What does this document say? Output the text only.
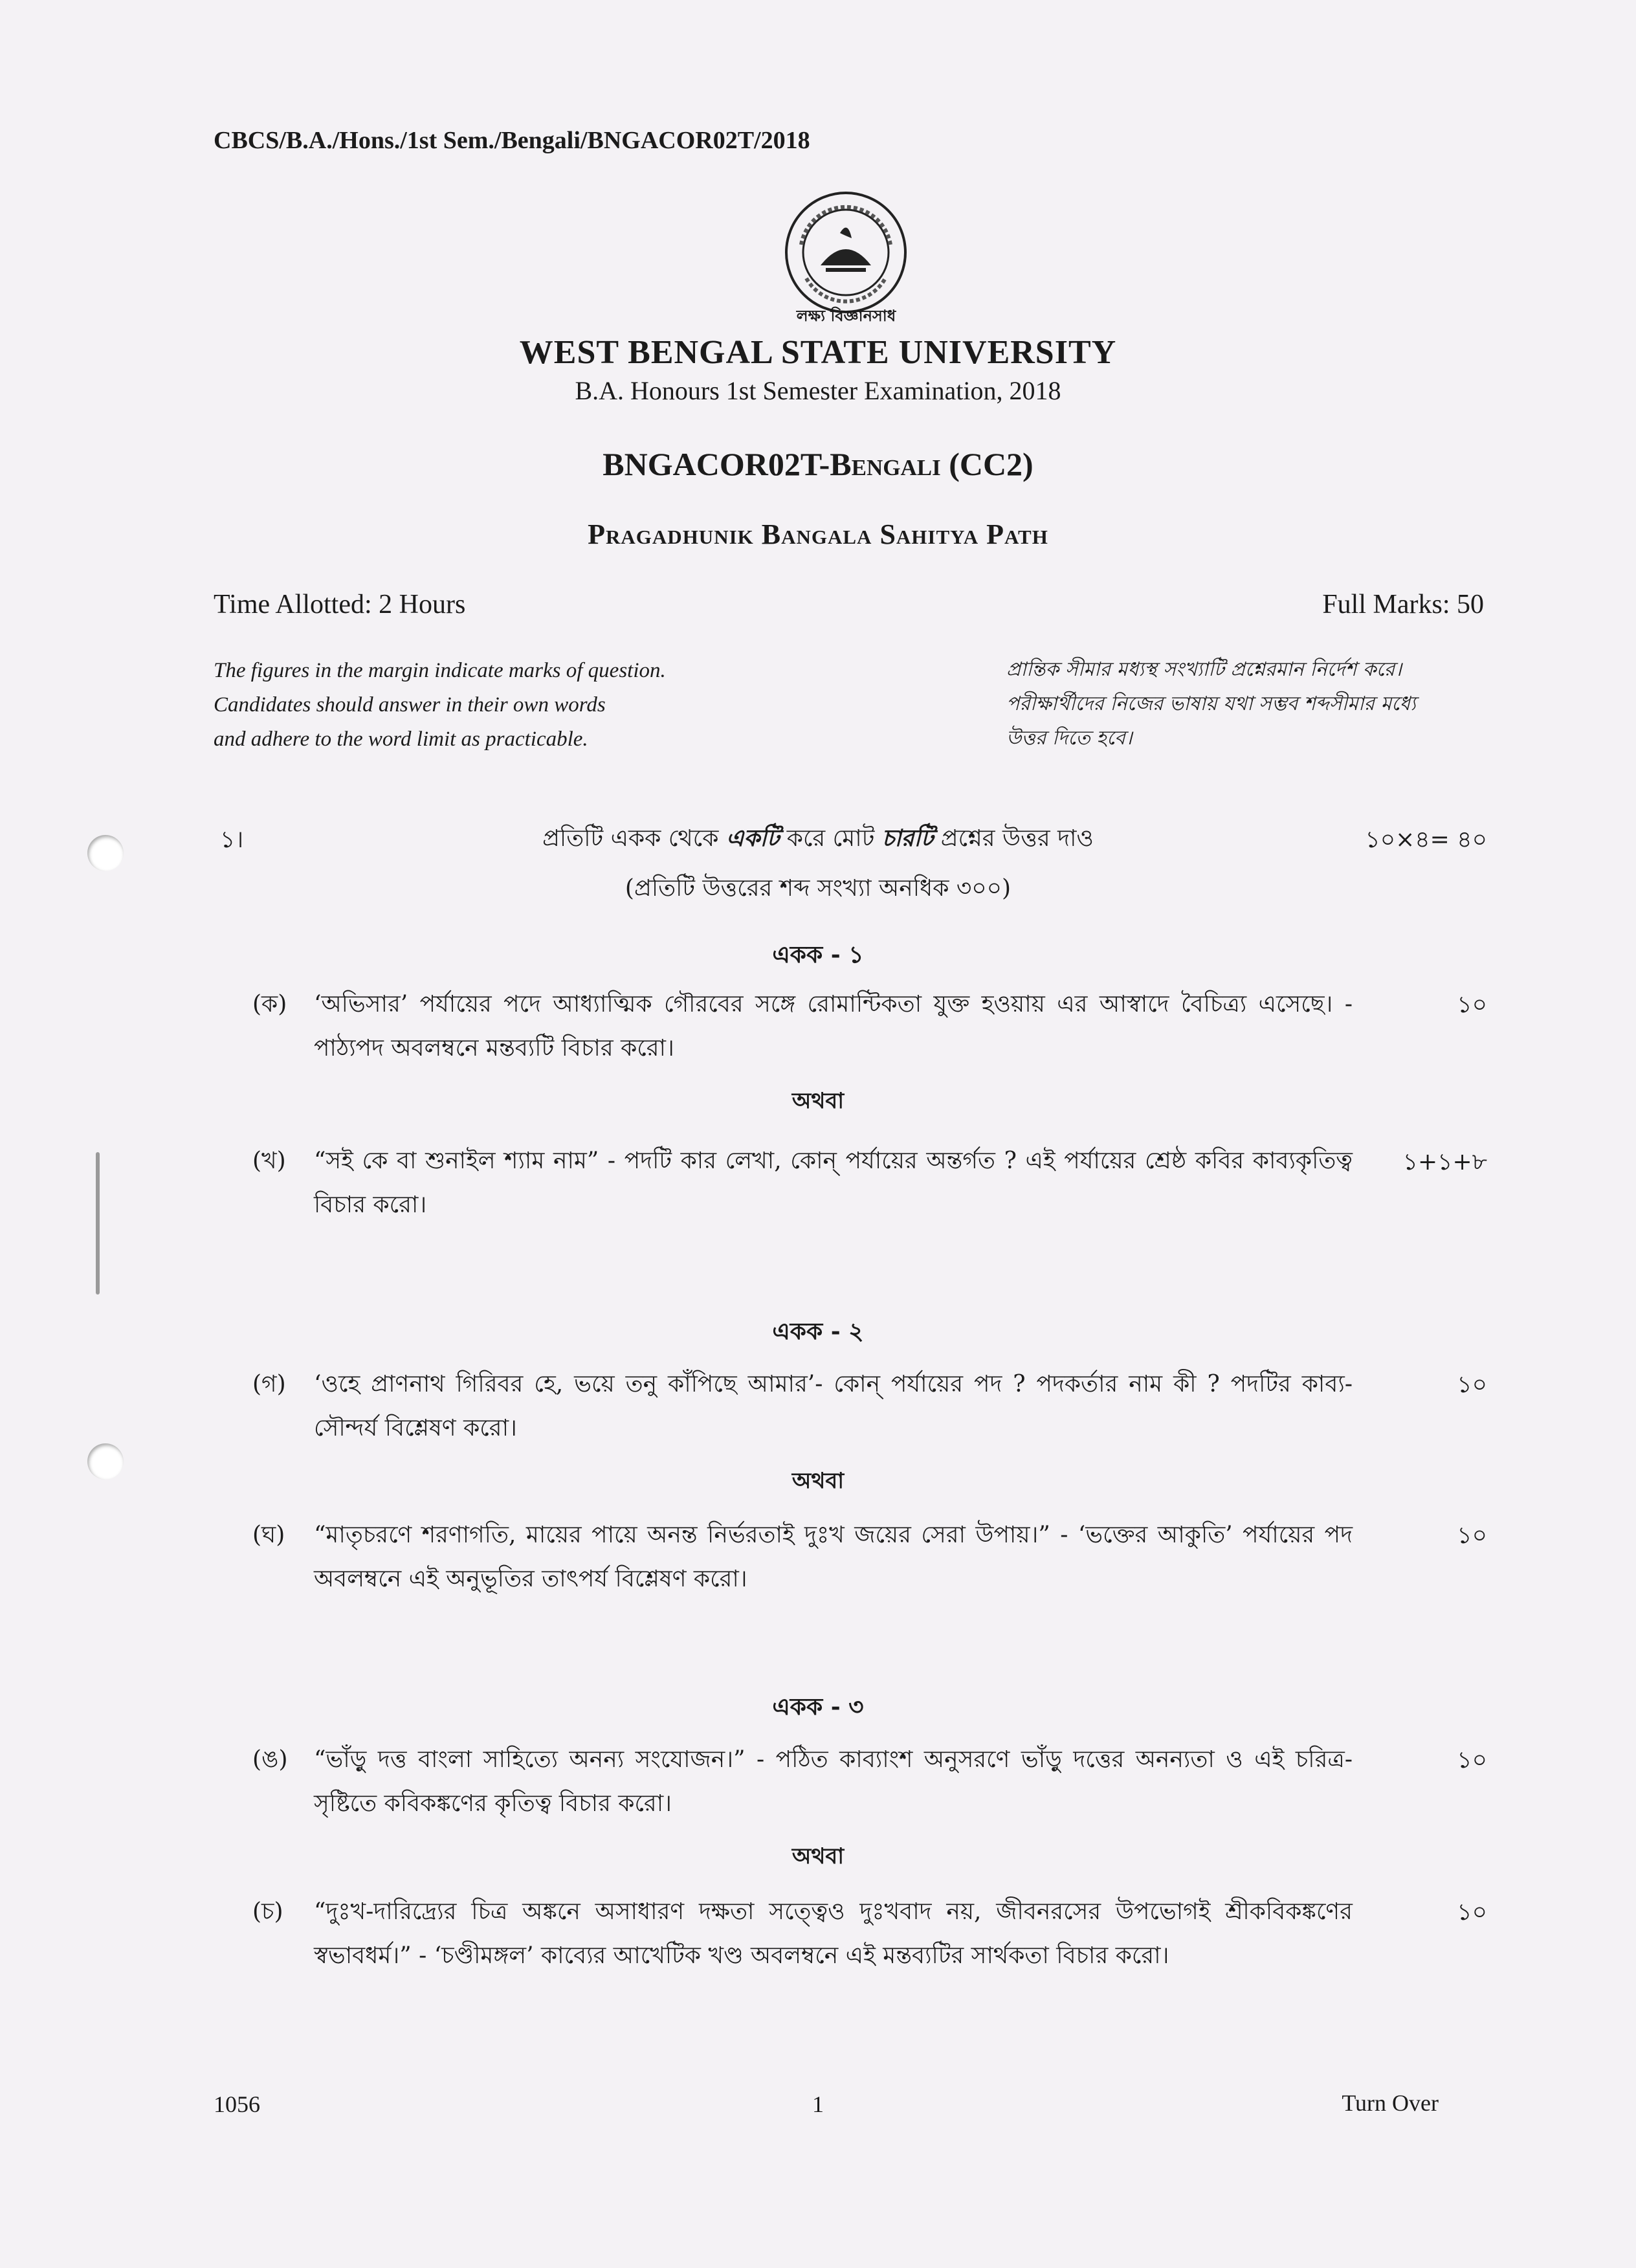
CBCS/B.A./Hons./1st Sem./Bengali/BNGACOR02T/2018
লক্ষ্য বিজ্ঞানসাধ
WEST BENGAL STATE UNIVERSITY
B.A. Honours 1st Semester Examination, 2018
BNGACOR02T-Bengali (CC2)
Pragadhunik Bangala Sahitya Path
Time Allotted: 2 Hours	Full Marks: 50
The figures in the margin indicate marks of question.
Candidates should answer in their own words
and adhere to the word limit as practicable.
প্রান্তিক সীমার মধ্যস্থ সংখ্যাটি প্রশ্নেরমান নির্দেশ করে।
পরীক্ষার্থীদের নিজের ভাষায় যথা সম্ভব শব্দসীমার মধ্যে
উত্তর দিতে হবে।
১।	প্রতিটি একক থেকে একটি করে মোট চারটি প্রশ্নের উত্তর দাও	১০×৪= ৪০
(প্রতিটি উত্তরের শব্দ সংখ্যা অনধিক ৩০০)
একক - ১
(ক) ‘অভিসার’ পর্যায়ের পদে আধ্যাত্মিক গৌরবের সঙ্গে রোমান্টিকতা যুক্ত হওয়ায় এর আস্বাদে বৈচিত্র্য এসেছে। - পাঠ্যপদ অবলম্বনে মন্তব্যটি বিচার করো।
১০
অথবা
(খ) “সই কে বা শুনাইল শ্যাম নাম” - পদটি কার লেখা, কোন্ পর্যায়ের অন্তর্গত ? এই পর্যায়ের শ্রেষ্ঠ কবির কাব্যকৃতিত্ব বিচার করো।
১+১+৮
একক - ২
(গ) ‘ওহে প্রাণনাথ গিরিবর হে, ভয়ে তনু কাঁপিছে আমার’- কোন্ পর্যায়ের পদ ? পদকর্তার নাম কী ? পদটির কাব্য-সৌন্দর্য বিশ্লেষণ করো।
১০
অথবা
(ঘ) “মাতৃচরণে শরণাগতি, মায়ের পায়ে অনন্ত নির্ভরতাই দুঃখ জয়ের সেরা উপায়।” - ‘ভক্তের আকুতি’ পর্যায়ের পদ অবলম্বনে এই অনুভূতির তাৎপর্য বিশ্লেষণ করো।
১০
একক - ৩
(ঙ) “ভাঁড়ু দত্ত বাংলা সাহিত্যে অনন্য সংযোজন।” - পঠিত কাব্যাংশ অনুসরণে ভাঁড়ু দত্তের অনন্যতা ও এই চরিত্র-সৃষ্টিতে কবিকঙ্কণের কৃতিত্ব বিচার করো।
১০
অথবা
(চ) “দুঃখ-দারিদ্র্যের চিত্র অঙ্কনে অসাধারণ দক্ষতা সত্ত্বেও দুঃখবাদ নয়, জীবনরসের উপভোগই শ্রীকবিকঙ্কণের স্বভাবধর্ম।” - ‘চণ্ডীমঙ্গল’ কাব্যের আখেটিক খণ্ড অবলম্বনে এই মন্তব্যটির সার্থকতা বিচার করো।
১০
1056	1	Turn Over
